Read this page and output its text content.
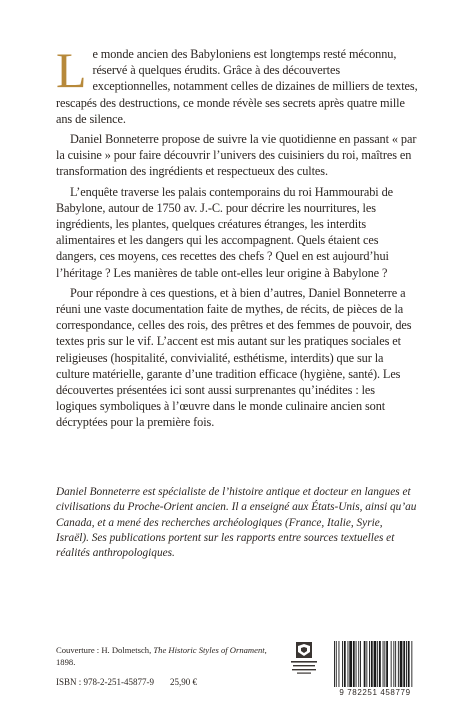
Le monde ancien des Babyloniens est longtemps resté méconnu, réservé à quelques érudits. Grâce à des découvertes exceptionnelles, notamment celles de dizaines de milliers de textes, rescapés des destructions, ce monde révèle ses secrets après quatre mille ans de silence.

Daniel Bonneterre propose de suivre la vie quotidienne en passant « par la cuisine » pour faire découvrir l’univers des cuisiniers du roi, maîtres en transformation des ingrédients et respectueux des cultes.

L’enquête traverse les palais contemporains du roi Hammourabi de Babylone, autour de 1750 av. J.-C. pour décrire les nourritures, les ingrédients, les plantes, quelques créatures étranges, les interdits alimentaires et les dangers qui les accompagnent. Quels étaient ces dangers, ces moyens, ces recettes des chefs ? Quel en est aujourd’hui l’héritage ? Les manières de table ont-elles leur origine à Babylone ?

Pour répondre à ces questions, et à bien d’autres, Daniel Bonneterre a réuni une vaste documentation faite de mythes, de récits, de pièces de la correspondance, celles des rois, des prêtres et des femmes de pouvoir, des textes pris sur le vif. L’accent est mis autant sur les pratiques sociales et religieuses (hospitalité, convivialité, esthétisme, interdits) que sur la culture matérielle, garante d’une tradition efficace (hygiène, santé). Les découvertes présentées ici sont aussi surprenantes qu’inédites : les logiques symboliques à l’œuvre dans le monde culinaire ancien sont décryptées pour la première fois.

Daniel Bonneterre est spécialiste de l’histoire antique et docteur en langues et civilisations du Proche-Orient ancien. Il a enseigné aux États-Unis, ainsi qu’au Canada, et a mené des recherches archéologiques (France, Italie, Syrie, Israël). Ses publications portent sur les rapports entre sources textuelles et réalités anthropologiques.

Couverture : H. Dolmetsch, The Historic Styles of Ornament, 1898.

ISBN : 978-2-251-45877-9 25,90 €
9 782251 458779
